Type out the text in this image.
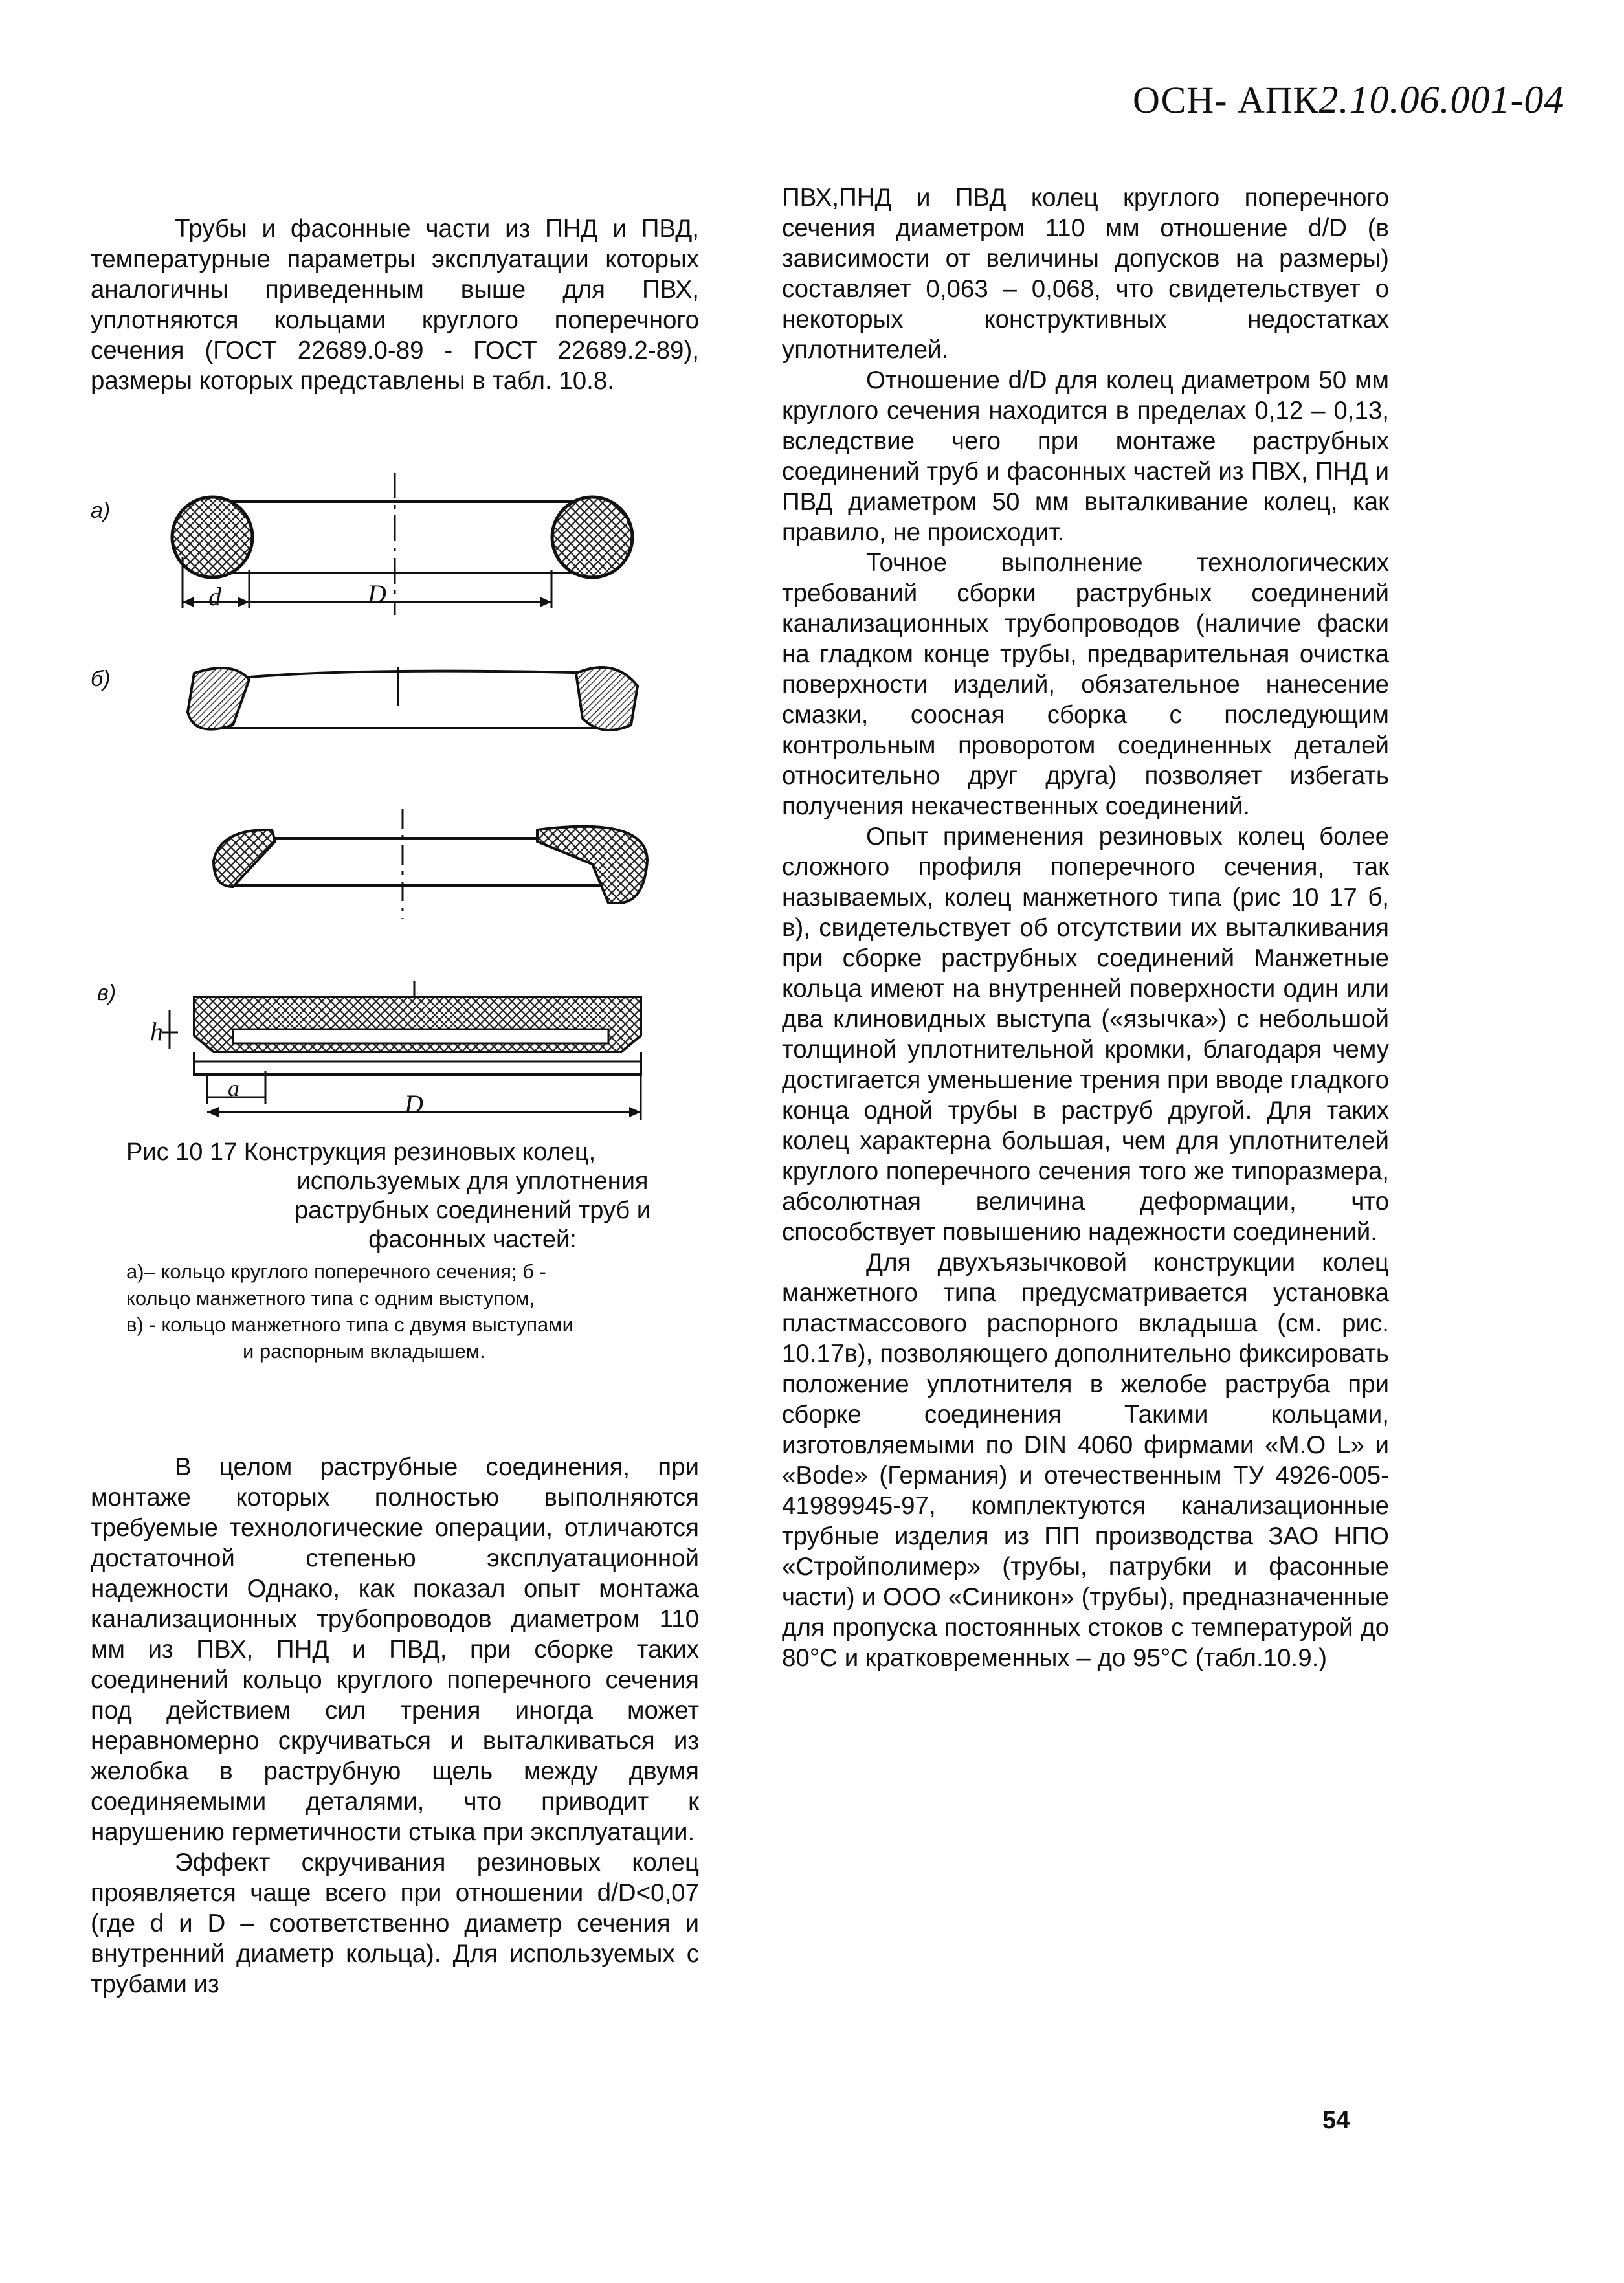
ОСН- АПК2.10.06.001-04

Трубы и фасонные части из ПНД и ПВД, температурные параметры эксплуатации которых аналогичны приведенным выше для ПВХ, уплотняются кольцами круглого поперечного сечения (ГОСТ 22689.0-89 - ГОСТ 22689.2-89), размеры которых представлены в табл. 10.8.

а)
б)
в)
d	D
h
a
D
Рис 10 17 Конструкция резиновых колец,
используемых для уплотнения
раструбных соединений труб и
фасонных частей:
а)– кольцо круглого поперечного сечения; б -
кольцо манжетного типа с одним выступом,
в) - кольцо манжетного типа с двумя выступами
и распорным вкладышем.

В целом раструбные соединения, при монтаже которых полностью выполняются требуемые технологические операции, отличаются достаточной степенью эксплуатационной надежности Однако, как показал опыт монтажа канализационных трубопроводов диаметром 110 мм из ПВХ, ПНД и ПВД, при сборке таких соединений кольцо круглого поперечного сечения под действием сил трения иногда может неравномерно скручиваться и выталкиваться из желобка в раструбную щель между двумя соединяемыми деталями, что приводит к нарушению герметичности стыка при эксплуатации.

Эффект скручивания резиновых колец проявляется чаще всего при отношении d/D<0,07 (где d и D – соответственно диаметр сечения и внутренний диаметр кольца). Для используемых с трубами из

ПВХ,ПНД и ПВД колец круглого поперечного сечения диаметром 110 мм отношение d/D (в зависимости от величины допусков на размеры) составляет 0,063 – 0,068, что свидетельствует о некоторых конструктивных недостатках уплотнителей.

Отношение d/D для колец диаметром 50 мм круглого сечения находится в пределах 0,12 – 0,13, вследствие чего при монтаже раструбных соединений труб и фасонных частей из ПВХ, ПНД и ПВД диаметром 50 мм выталкивание колец, как правило, не происходит.

Точное выполнение технологических требований сборки раструбных соединений канализационных трубопроводов (наличие фаски на гладком конце трубы, предварительная очистка поверхности изделий, обязательное нанесение смазки, соосная сборка с последующим контрольным проворотом соединенных деталей относительно друг друга) позволяет избегать получения некачественных соединений.

Опыт применения резиновых колец более сложного профиля поперечного сечения, так называемых, колец манжетного типа (рис 10 17 б, в), свидетельствует об отсутствии их выталкивания при сборке раструбных соединений Манжетные кольца имеют на внутренней поверхности один или два клиновидных выступа («язычка») с небольшой толщиной уплотнительной кромки, благодаря чему достигается уменьшение трения при вводе гладкого конца одной трубы в раструб другой. Для таких колец характерна большая, чем для уплотнителей круглого поперечного сечения того же типоразмера, абсолютная величина деформации, что способствует повышению надежности соединений.

Для двухъязычковой конструкции колец манжетного типа предусматривается установка пластмассового распорного вкладыша (см. рис. 10.17в), позволяющего дополнительно фиксировать положение уплотнителя в желобе раструба при сборке соединения Такими кольцами, изготовляемыми по DIN 4060 фирмами «M.O L» и «Bode» (Германия) и отечественным ТУ 4926-005-41989945-97, комплектуются канализационные трубные изделия из ПП производства ЗАО НПО «Стройполимер» (трубы, патрубки и фасонные части) и ООО «Синикон» (трубы), предназначенные для пропуска постоянных стоков с температурой до 80°С и кратковременных – до 95°С (табл.10.9.)

54
